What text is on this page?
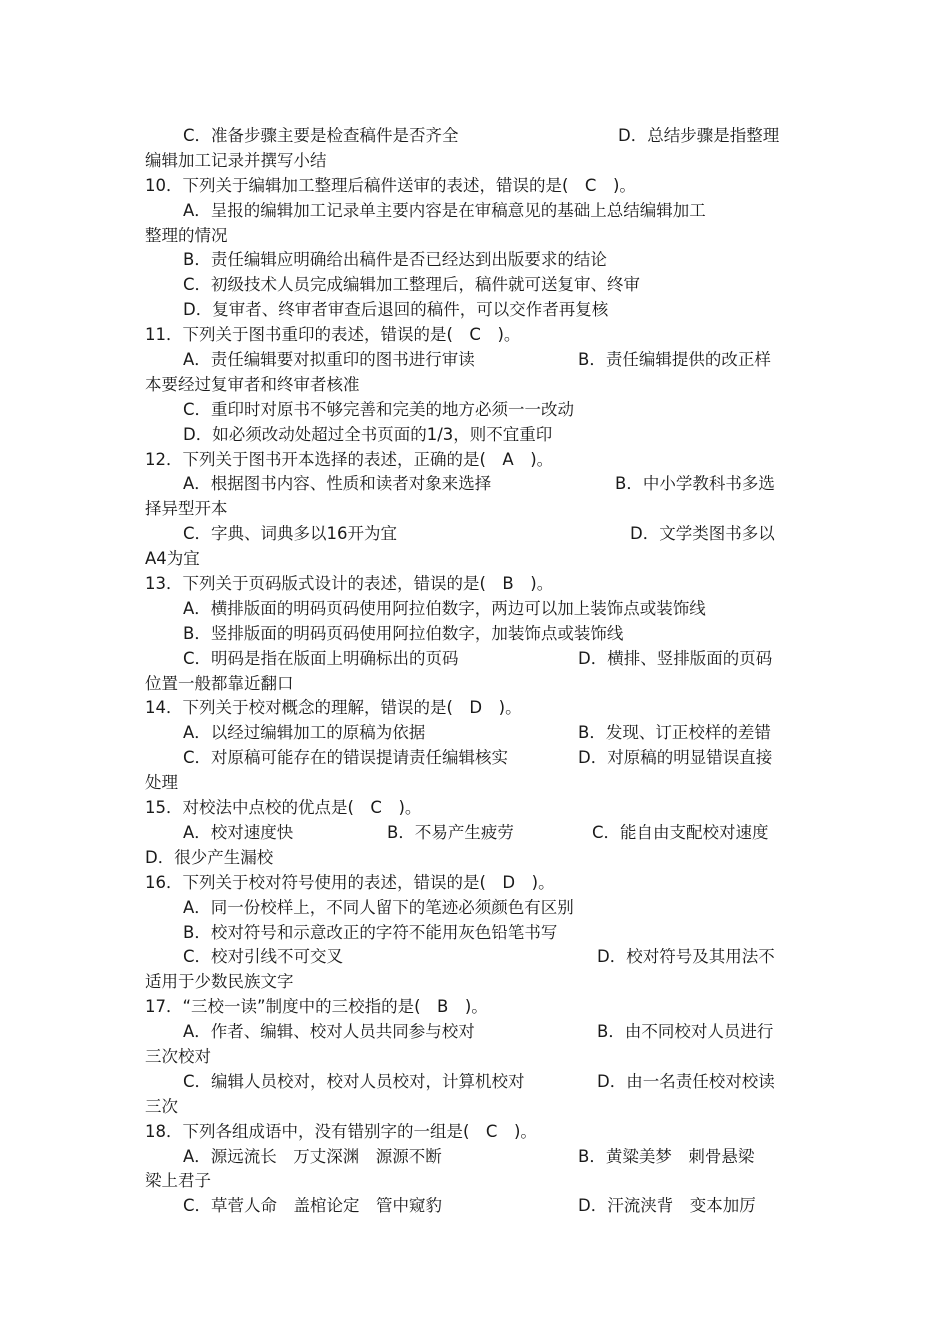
C．准备步骤主要是检查稿件是否齐全	D．总结步骤是指整理
编辑加工记录并撰写小结
10．下列关于编辑加工整理后稿件送审的表述，错误的是(　C　)。
A．呈报的编辑加工记录单主要内容是在审稿意见的基础上总结编辑加工
整理的情况
B．责任编辑应明确给出稿件是否已经达到出版要求的结论
C．初级技术人员完成编辑加工整理后，稿件就可送复审、终审
D．复审者、终审者审查后退回的稿件，可以交作者再复核
11．下列关于图书重印的表述，错误的是(　C　)。
A．责任编辑要对拟重印的图书进行审读	B．责任编辑提供的改正样
本要经过复审者和终审者核准
C．重印时对原书不够完善和完美的地方必须一一改动
D．如必须改动处超过全书页面的1/3，则不宜重印
12．下列关于图书开本选择的表述，正确的是(　A　)。
A．根据图书内容、性质和读者对象来选择	B．中小学教科书多选
择异型开本
C．字典、词典多以16开为宜	D．文学类图书多以
A4为宜
13．下列关于页码版式设计的表述，错误的是(　B　)。
A．横排版面的明码页码使用阿拉伯数字，两边可以加上装饰点或装饰线
B．竖排版面的明码页码使用阿拉伯数字，加装饰点或装饰线
C．明码是指在版面上明确标出的页码	D．横排、竖排版面的页码
位置一般都靠近翻口
14．下列关于校对概念的理解，错误的是(　D　)。
A．以经过编辑加工的原稿为依据	B．发现、订正校样的差错
C．对原稿可能存在的错误提请责任编辑核实	D．对原稿的明显错误直接
处理
15．对校法中点校的优点是(　C　)。
A．校对速度快	B．不易产生疲劳	C．能自由支配校对速度
D．很少产生漏校
16．下列关于校对符号使用的表述，错误的是(　D　)。
A．同一份校样上，不同人留下的笔迹必须颜色有区别
B．校对符号和示意改正的字符不能用灰色铅笔书写
C．校对引线不可交叉	D．校对符号及其用法不
适用于少数民族文字
17．“三校一读”制度中的三校指的是(　B　)。
A．作者、编辑、校对人员共同参与校对	B．由不同校对人员进行
三次校对
C．编辑人员校对，校对人员校对，计算机校对	D．由一名责任校对校读
三次
18．下列各组成语中，没有错别字的一组是(　C　)。
A．源远流长　万丈深渊　源源不断	B．黄粱美梦　刺骨悬梁
梁上君子
C．草菅人命　盖棺论定　管中窥豹	D．汗流浃背　变本加厉
